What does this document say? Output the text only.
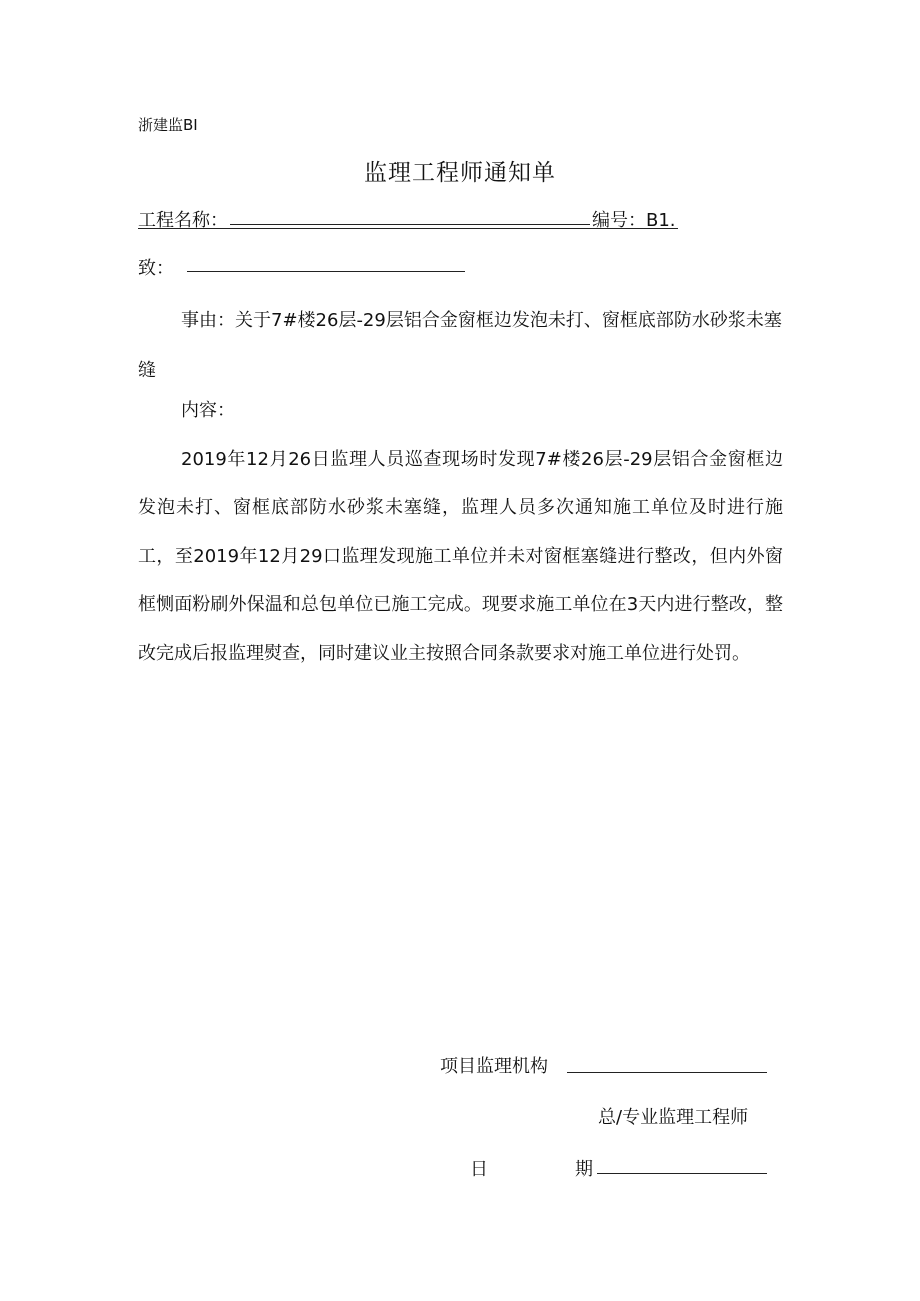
浙建监BI
监理工程师通知单
工程名称：	编号：B1.
致：
事由：关于7#楼26层-29层铝合金窗框边发泡未打、窗框底部防水砂浆未塞缝
内容：
2019年12月26日监理人员巡查现场时发现7#楼26层-29层铝合金窗框边发泡未打、窗框底部防水砂浆未塞缝，监理人员多次通知施工单位及时进行施工，至2019年12月29口监理发现施工单位并未对窗框塞缝进行整改，但内外窗框恻面粉刷外保温和总包单位已施工完成。现要求施工单位在3天内进行整改，整改完成后报监理熨查，同时建议业主按照合同条款要求对施工单位进行处罚。
项目监理机构
总/专业监理工程师
日	期
